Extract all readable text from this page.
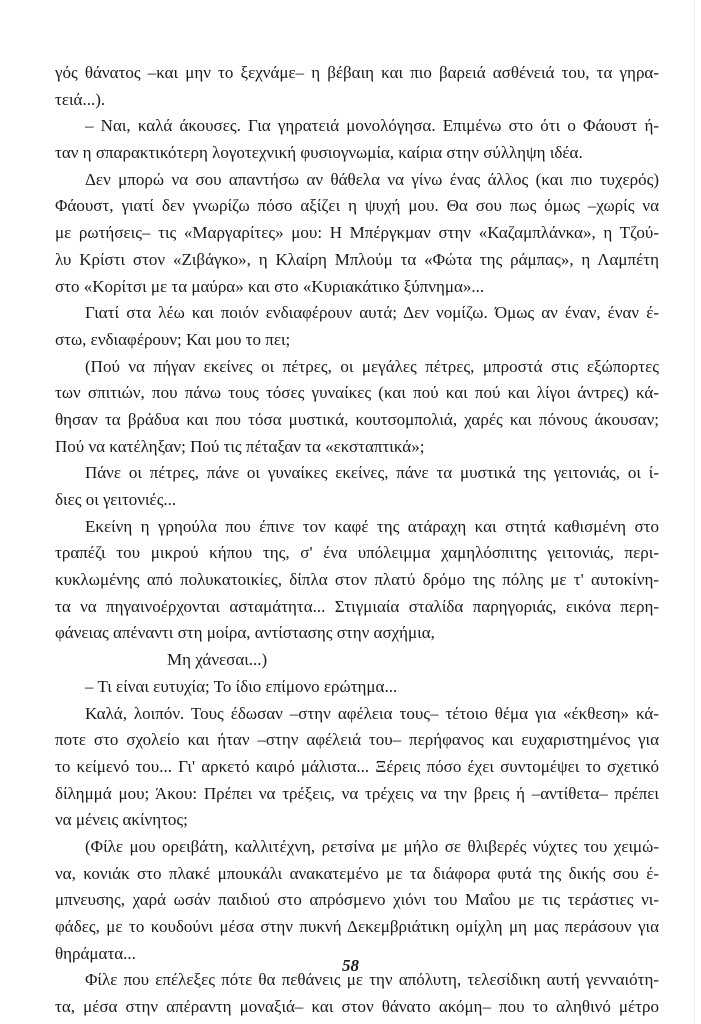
γός θάνατος –και μην το ξεχνάμε– η βέβαιη και πιο βαρειά ασθένειά του, τα γηρα-
τειά...).
– Ναι, καλά άκουσες. Για γηρατειά μονολόγησα. Επιμένω στο ότι ο Φάουστ ή-
ταν η σπαρακτικότερη λογοτεχνική φυσιογνωμία, καίρια στην σύλληψη ιδέα.
Δεν μπορώ να σου απαντήσω αν θάθελα να γίνω ένας άλλος (και πιο τυχερός)
Φάουστ, γιατί δεν γνωρίζω πόσο αξίζει η ψυχή μου. Θα σου πως όμως –χωρίς να
με ρωτήσεις– τις «Μαργαρίτες» μου: Η Μπέργκμαν στην «Καζαμπλάνκα», η Τζού-
λυ Κρίστι στον «Ζιβάγκο», η Κλαίρη Μπλούμ τα «Φώτα της ράμπας», η Λαμπέτη
στο «Κορίτσι με τα μαύρα» και στο «Κυριακάτικο ξύπνημα»...
Γιατί στα λέω και ποιόν ενδιαφέρουν αυτά; Δεν νομίζω. Όμως αν έναν, έναν έ-
στω, ενδιαφέρουν; Και μου το πει;
(Πού να πήγαν εκείνες οι πέτρες, οι μεγάλες πέτρες, μπροστά στις εξώπορτες
των σπιτιών, που πάνω τους τόσες γυναίκες (και πού και πού και λίγοι άντρες) κά-
θησαν τα βράδυα και που τόσα μυστικά, κουτσομπολιά, χαρές και πόνους άκουσαν;
Πού να κατέληξαν; Πού τις πέταξαν τα «εκσταπτικά»;
Πάνε οι πέτρες, πάνε οι γυναίκες εκείνες, πάνε τα μυστικά της γειτονιάς, οι ί-
διες οι γειτονιές...
Εκείνη η γρηούλα που έπινε τον καφέ της ατάραχη και στητά καθισμένη στο
τραπέζι του μικρού κήπου της, σ' ένα υπόλειμμα χαμηλόσπιτης γειτονιάς, περι-
κυκλωμένης από πολυκατοικίες, δίπλα στον πλατύ δρόμο της πόλης με τ' αυτοκίνη-
τα να πηγαινοέρχονται ασταμάτητα... Στιγμιαία σταλίδα παρηγοριάς, εικόνα περη-
φάνειας απέναντι στη μοίρα, αντίστασης στην ασχήμια,
Μη χάνεσαι...)
– Τι είναι ευτυχία; Το ίδιο επίμονο ερώτημα...
Καλά, λοιπόν. Τους έδωσαν –στην αφέλεια τους– τέτοιο θέμα για «έκθεση» κά-
ποτε στο σχολείο και ήταν –στην αφέλειά του– περήφανος και ευχαριστημένος για
το κείμενό του... Γι' αρκετό καιρό μάλιστα... Ξέρεις πόσο έχει συντομέψει το σχετικό
δίλημμά μου; Άκου: Πρέπει να τρέξεις, να τρέχεις να την βρεις ή –αντίθετα– πρέπει
να μένεις ακίνητος;
(Φίλε μου ορειβάτη, καλλιτέχνη, ρετσίνα με μήλο σε θλιβερές νύχτες του χειμώ-
να, κονιάκ στο πλακέ μπουκάλι ανακατεμένο με τα διάφορα φυτά της δικής σου έ-
μπνευσης, χαρά ωσάν παιδιού στο απρόσμενο χιόνι του Μαΐου με τις τεράστιες νι-
φάδες, με το κουδούνι μέσα στην πυκνή Δεκεμβριάτικη ομίχλη μη μας περάσουν για
θηράματα...
Φίλε που επέλεξες πότε θα πεθάνεις με την απόλυτη, τελεσίδικη αυτή γενναιότη-
τα, μέσα στην απέραντη μοναξιά– και στον θάνατο ακόμη– που το αληθινό μέτρο
58
